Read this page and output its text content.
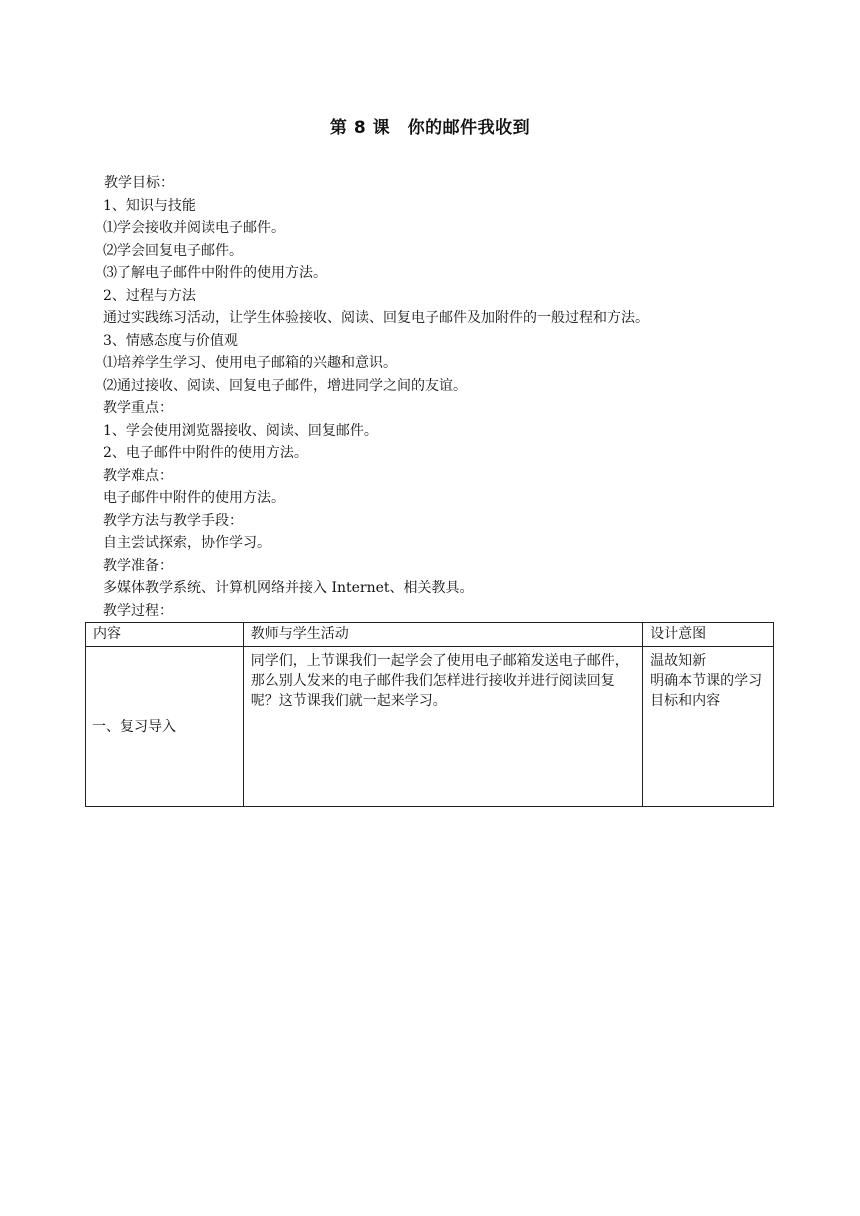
第 8 课　你的邮件我收到
教学目标：
1、知识与技能
⑴学会接收并阅读电子邮件。
⑵学会回复电子邮件。
⑶了解电子邮件中附件的使用方法。
2、过程与方法
通过实践练习活动，让学生体验接收、阅读、回复电子邮件及加附件的一般过程和方法。
3、情感态度与价值观
⑴培养学生学习、使用电子邮箱的兴趣和意识。
⑵通过接收、阅读、回复电子邮件，增进同学之间的友谊。
教学重点：
1、学会使用浏览器接收、阅读、回复邮件。
2、电子邮件中附件的使用方法。
教学难点：
电子邮件中附件的使用方法。
教学方法与教学手段：
自主尝试探索，协作学习。
教学准备：
多媒体教学系统、计算机网络并接入 Internet、相关教具。
教学过程：
内容	教师与学生活动	设计意图
一、复习导入	同学们，上节课我们一起学会了使用电子邮箱发送电子邮件，那么别人发来的电子邮件我们怎样进行接收并进行阅读回复呢？这节课我们就一起来学习。	温故知新
明确本节课的学习目标和内容
